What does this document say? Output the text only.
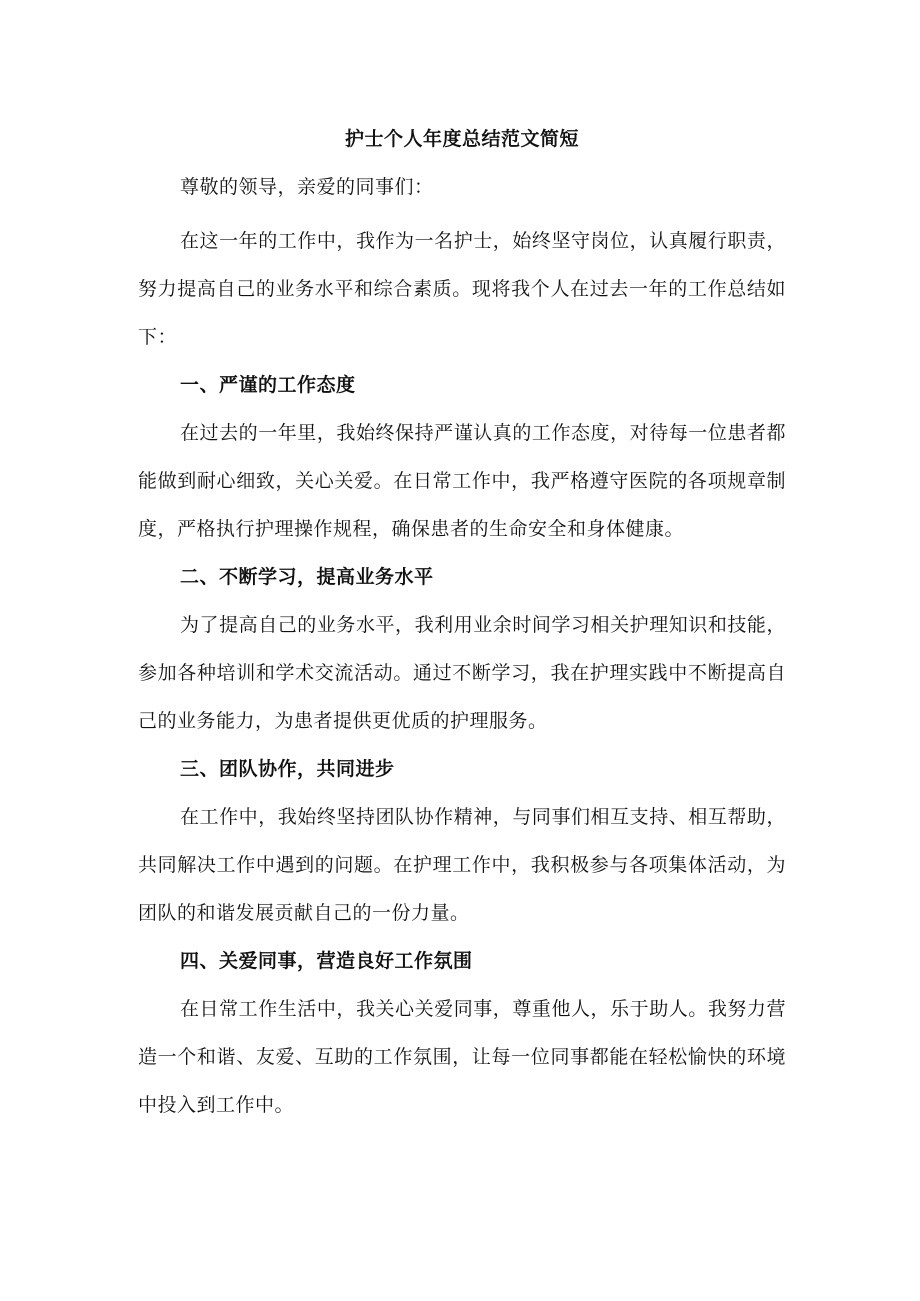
护士个人年度总结范文简短

尊敬的领导，亲爱的同事们：

在这一年的工作中，我作为一名护士，始终坚守岗位，认真履行职责，努力提高自己的业务水平和综合素质。现将我个人在过去一年的工作总结如下：

一、严谨的工作态度

在过去的一年里，我始终保持严谨认真的工作态度，对待每一位患者都能做到耐心细致，关心关爱。在日常工作中，我严格遵守医院的各项规章制度，严格执行护理操作规程，确保患者的生命安全和身体健康。

二、不断学习，提高业务水平

为了提高自己的业务水平，我利用业余时间学习相关护理知识和技能，参加各种培训和学术交流活动。通过不断学习，我在护理实践中不断提高自己的业务能力，为患者提供更优质的护理服务。

三、团队协作，共同进步

在工作中，我始终坚持团队协作精神，与同事们相互支持、相互帮助，共同解决工作中遇到的问题。在护理工作中，我积极参与各项集体活动，为团队的和谐发展贡献自己的一份力量。

四、关爱同事，营造良好工作氛围

在日常工作生活中，我关心关爱同事，尊重他人，乐于助人。我努力营造一个和谐、友爱、互助的工作氛围，让每一位同事都能在轻松愉快的环境中投入到工作中。
